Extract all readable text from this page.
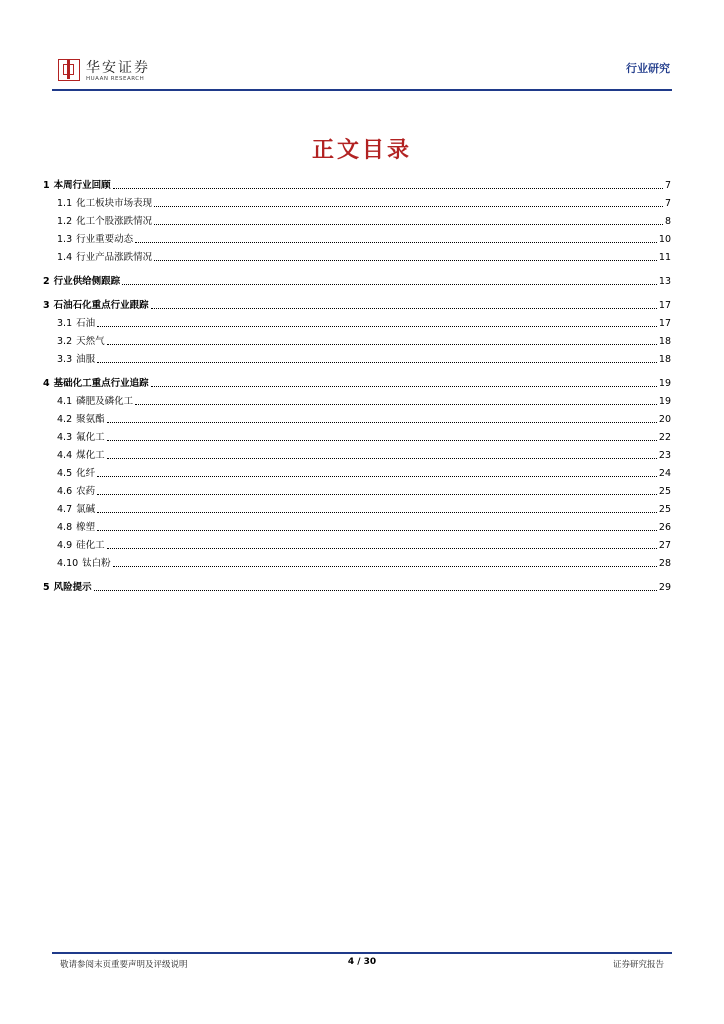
华安证券
HUAAN RESEARCH
行业研究
正文目录
1 本周行业回顾	7
1.1 化工板块市场表现	7
1.2 化工个股涨跌情况	8
1.3 行业重要动态	10
1.4 行业产品涨跌情况	11
2 行业供给侧跟踪	13
3 石油石化重点行业跟踪	17
3.1 石油	17
3.2 天然气	18
3.3 油服	18
4 基础化工重点行业追踪	19
4.1 磷肥及磷化工	19
4.2 聚氨酯	20
4.3 氟化工	22
4.4 煤化工	23
4.5 化纤	24
4.6 农药	25
4.7 氯碱	25
4.8 橡塑	26
4.9 硅化工	27
4.10 钛白粉	28
5 风险提示	29
敬请参阅末页重要声明及评级说明	4 / 30	证券研究报告
